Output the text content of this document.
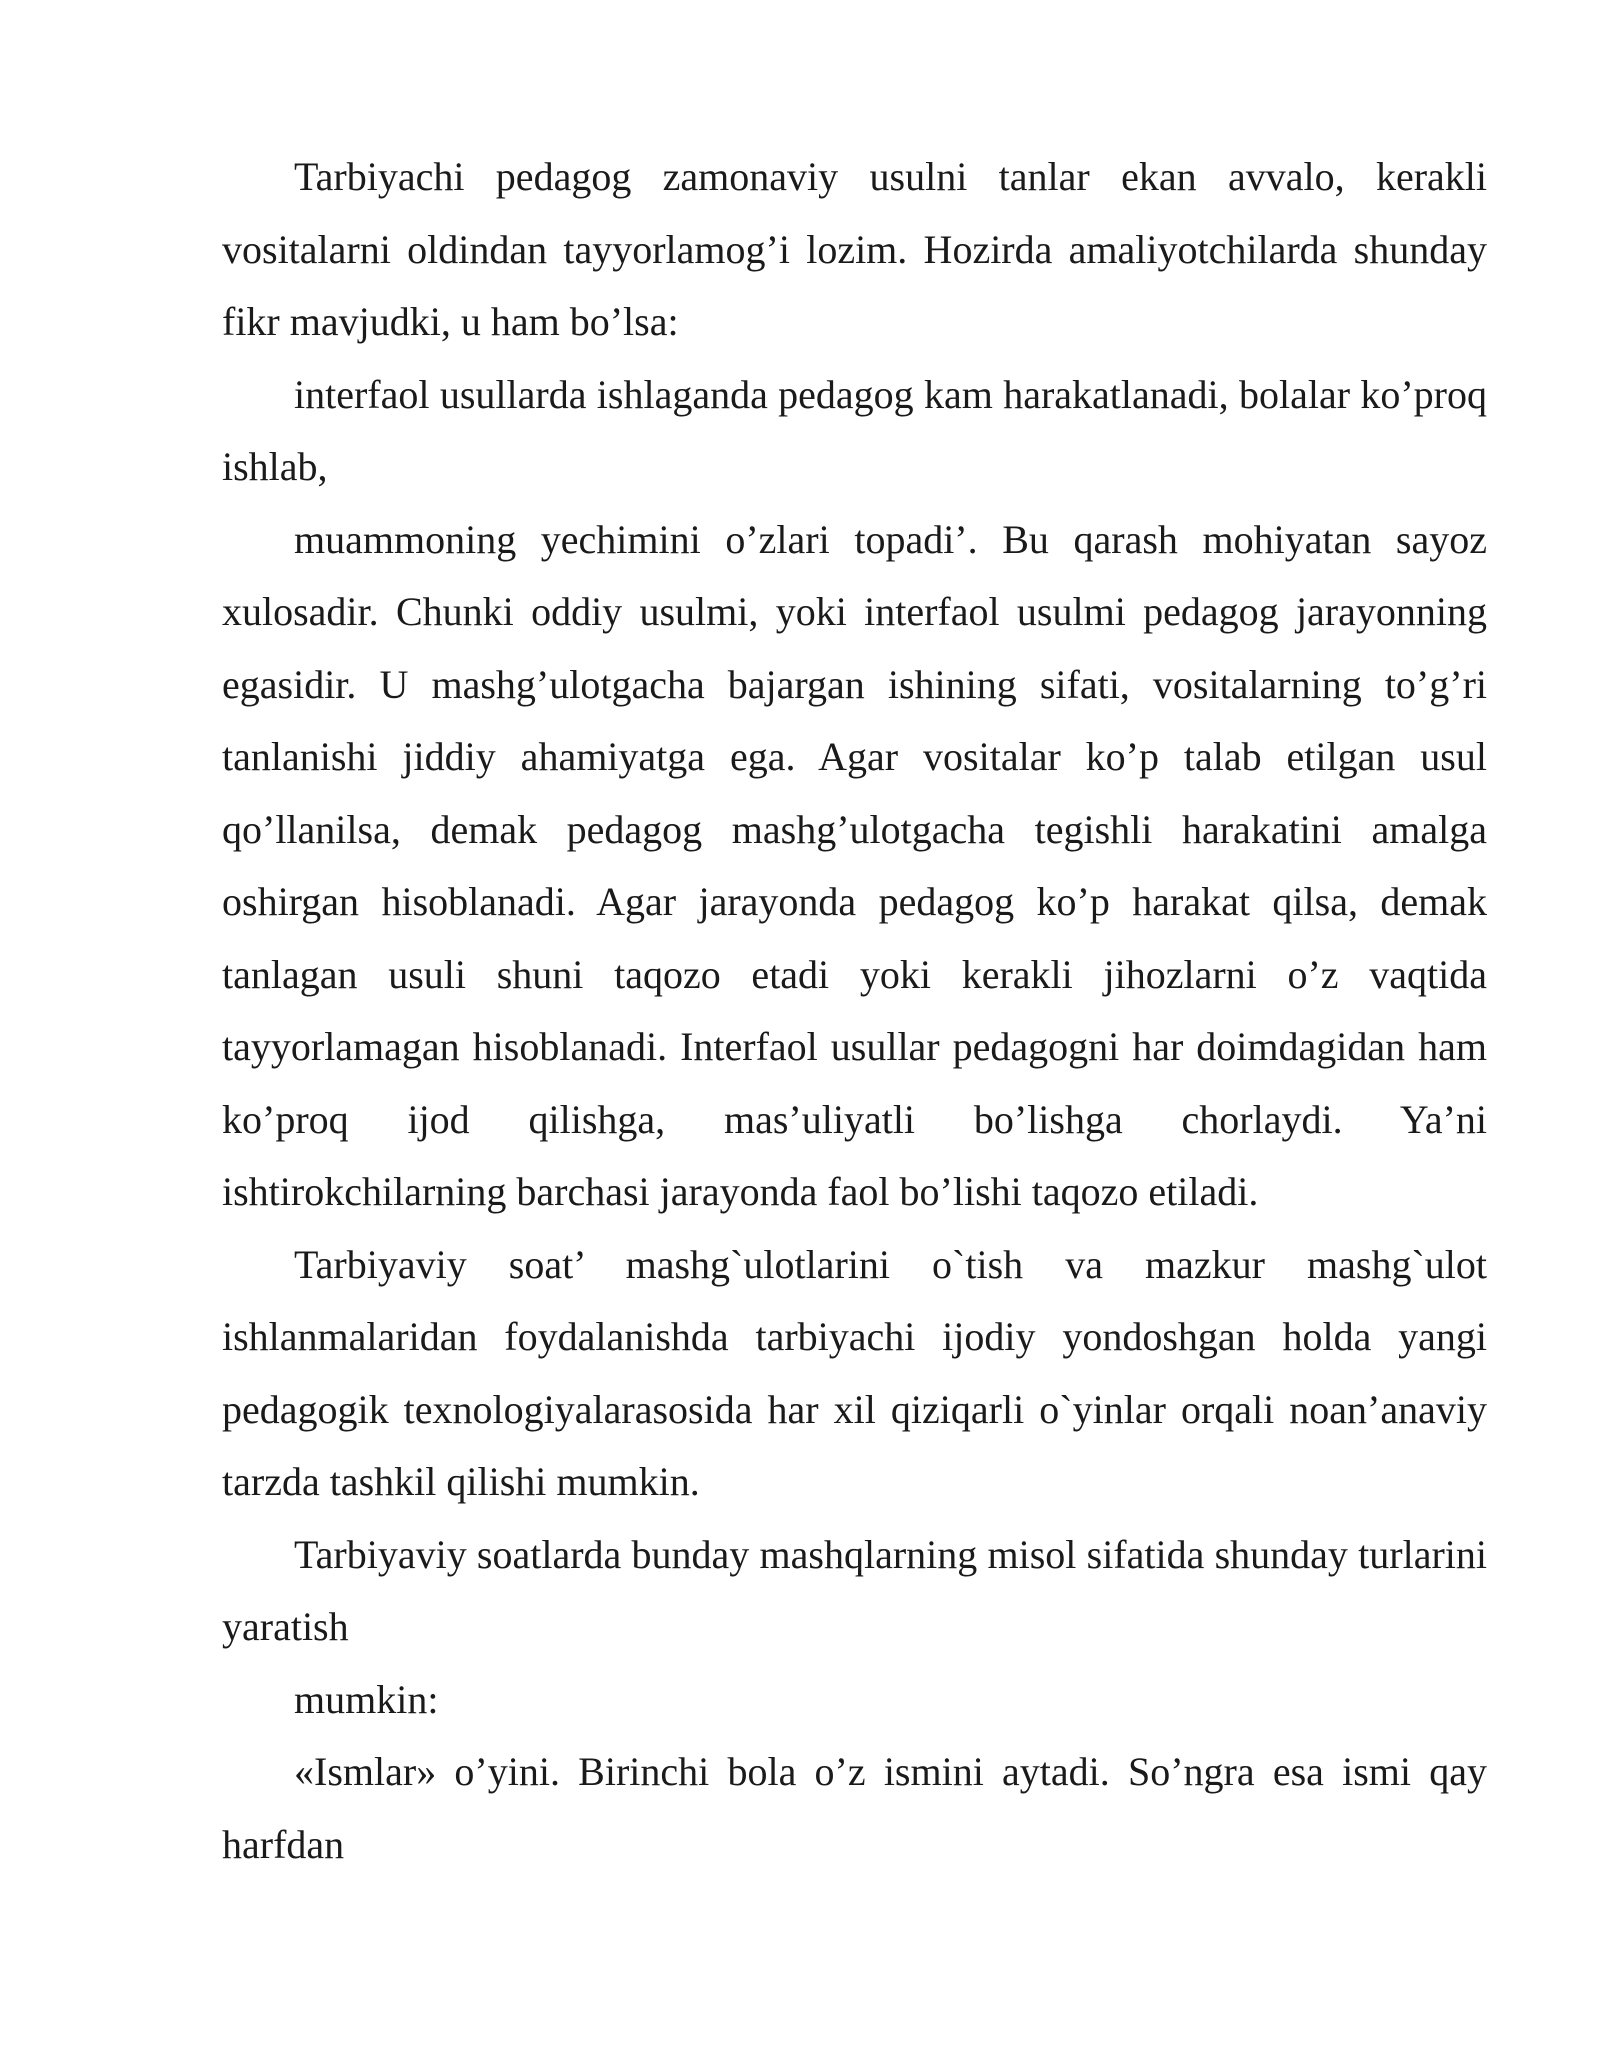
Tarbiyachi pedagog zamonaviy usulni tanlar ekan avvalo, kerakli vositalarni oldindan tayyorlamog’i lozim. Hozirda amaliyotchilarda shunday fikr mavjudki, u ham bo’lsa:

interfaol usullarda ishlaganda pedagog kam harakatlanadi, bolalar ko’proq ishlab,

muammoning yechimini o’zlari topadi’. Bu qarash mohiyatan sayoz xulosadir. Chunki oddiy usulmi, yoki interfaol usulmi pedagog jarayonning egasidir. U mashg’ulotgacha bajargan ishining sifati, vositalarning to’g’ri tanlanishi jiddiy ahamiyatga ega. Agar vositalar ko’p talab etilgan usul qo’llanilsa, demak pedagog mashg’ulotgacha tegishli harakatini amalga oshirgan hisoblanadi. Agar jarayonda pedagog ko’p harakat qilsa, demak tanlagan usuli shuni taqozo etadi yoki kerakli jihozlarni o’z vaqtida tayyorlamagan hisoblanadi. Interfaol usullar pedagogni har doimdagidan ham ko’proq ijod qilishga, mas’uliyatli bo’lishga chorlaydi. Ya’ni ishtirokchilarning barchasi jarayonda faol bo’lishi taqozo etiladi.

Tarbiyaviy soat’ mashg`ulotlarini o`tish va mazkur mashg`ulot ishlanmalaridan foydalanishda tarbiyachi ijodiy yondoshgan holda yangi pedagogik texnologiyalarasosida har xil qiziqarli o`yinlar orqali noan’anaviy tarzda tashkil qilishi mumkin.

Tarbiyaviy soatlarda bunday mashqlarning misol sifatida shunday turlarini yaratish

mumkin:

«Ismlar» o’yini. Birinchi bola o’z ismini aytadi. So’ngra esa ismi qay harfdan
